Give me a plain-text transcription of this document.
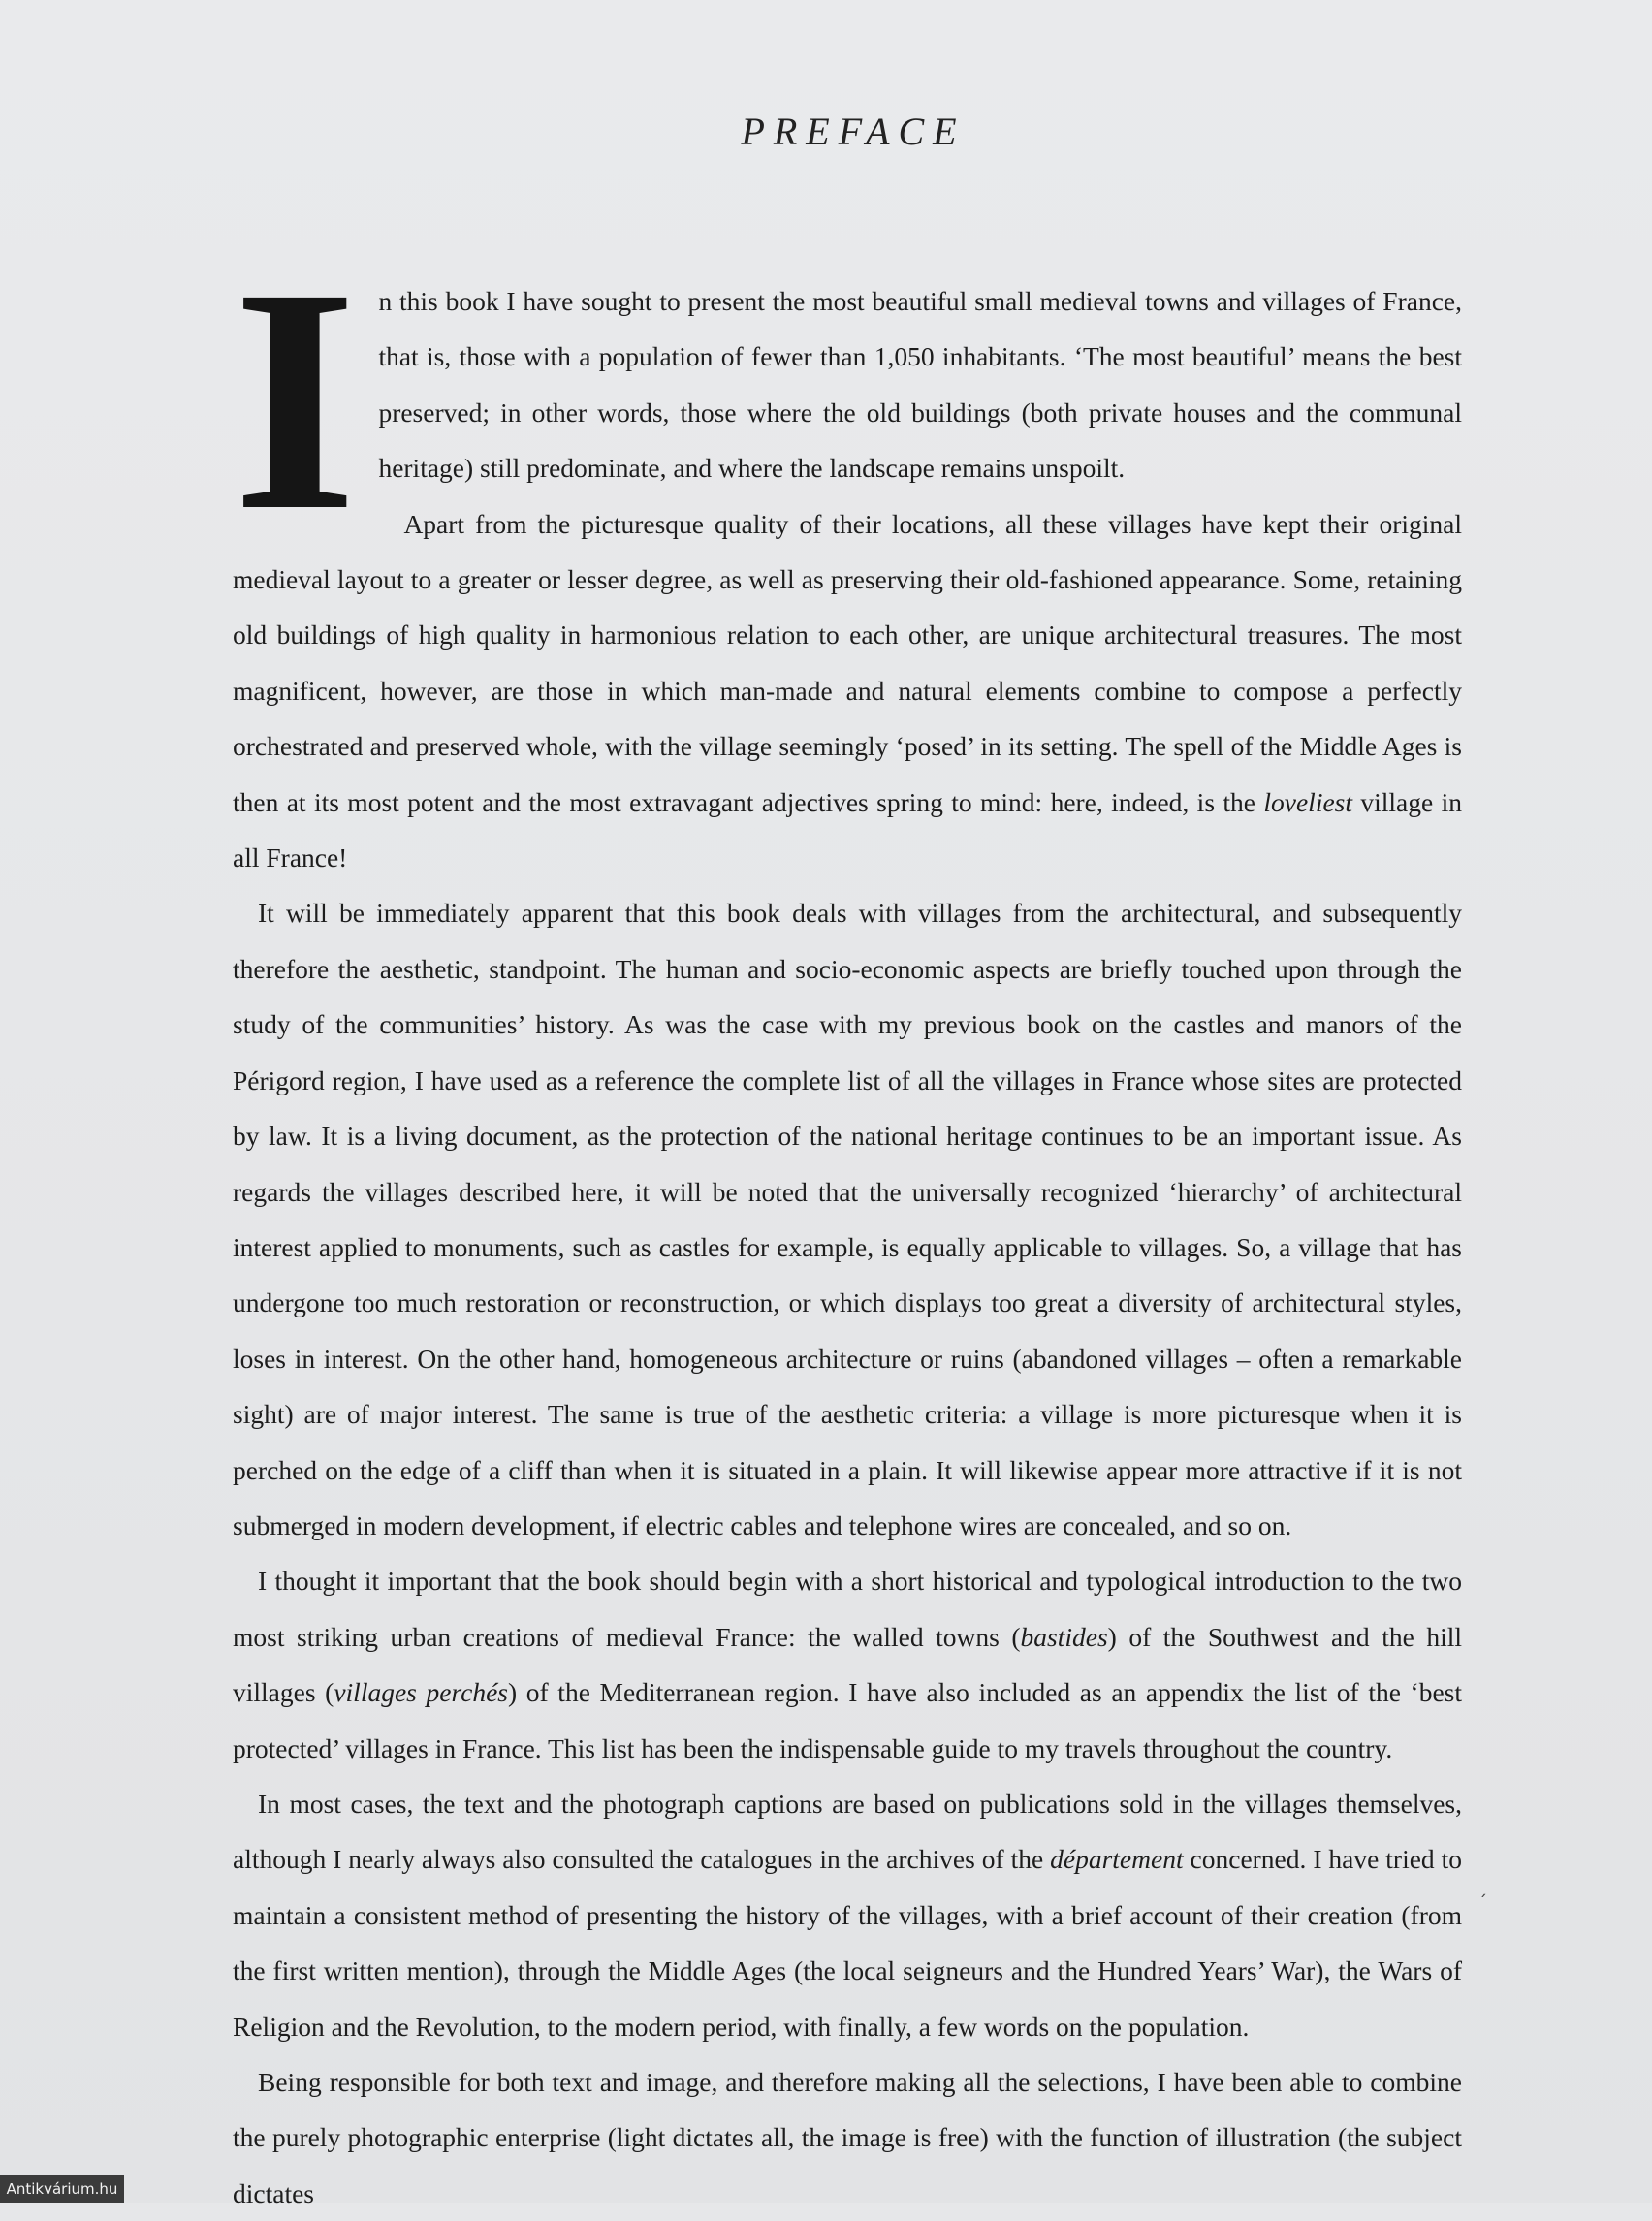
PREFACE

In this book I have sought to present the most beautiful small medieval towns and villages of France, that is, those with a population of fewer than 1,050 inhabitants. ‘The most beautiful’ means the best preserved; in other words, those where the old buildings (both private houses and the communal heritage) still predominate, and where the landscape remains unspoilt.

Apart from the picturesque quality of their locations, all these villages have kept their original medieval layout to a greater or lesser degree, as well as preserving their old-fashioned appearance. Some, retaining old buildings of high quality in harmonious relation to each other, are unique architectural treasures. The most magnificent, however, are those in which man-made and natural elements combine to compose a perfectly orchestrated and preserved whole, with the village seemingly ‘posed’ in its setting. The spell of the Middle Ages is then at its most potent and the most extravagant adjectives spring to mind: here, indeed, is the loveliest village in all France!

It will be immediately apparent that this book deals with villages from the architectural, and subsequently therefore the aesthetic, standpoint. The human and socio-economic aspects are briefly touched upon through the study of the communities’ history. As was the case with my previous book on the castles and manors of the Périgord region, I have used as a reference the complete list of all the villages in France whose sites are protected by law. It is a living document, as the protection of the national heritage continues to be an important issue. As regards the villages described here, it will be noted that the universally recognized ‘hierarchy’ of architectural interest applied to monuments, such as castles for example, is equally applicable to villages. So, a village that has undergone too much restoration or reconstruction, or which displays too great a diversity of architectural styles, loses in interest. On the other hand, homogeneous architecture or ruins (abandoned villages – often a remarkable sight) are of major interest. The same is true of the aesthetic criteria: a village is more picturesque when it is perched on the edge of a cliff than when it is situated in a plain. It will likewise appear more attractive if it is not submerged in modern development, if electric cables and telephone wires are concealed, and so on.

I thought it important that the book should begin with a short historical and typological introduction to the two most striking urban creations of medieval France: the walled towns (bastides) of the Southwest and the hill villages (villages perchés) of the Mediterranean region. I have also included as an appendix the list of the ‘best protected’ villages in France. This list has been the indispensable guide to my travels throughout the country.

In most cases, the text and the photograph captions are based on publications sold in the villages themselves, although I nearly always also consulted the catalogues in the archives of the département concerned. I have tried to maintain a consistent method of presenting the history of the villages, with a brief account of their creation (from the first written mention), through the Middle Ages (the local seigneurs and the Hundred Years’ War), the Wars of Religion and the Revolution, to the modern period, with finally, a few words on the population.

Being responsible for both text and image, and therefore making all the selections, I have been able to combine the purely photographic enterprise (light dictates all, the image is free) with the function of illustration (the subject dictates

ˊ
Antikvárium.hu
